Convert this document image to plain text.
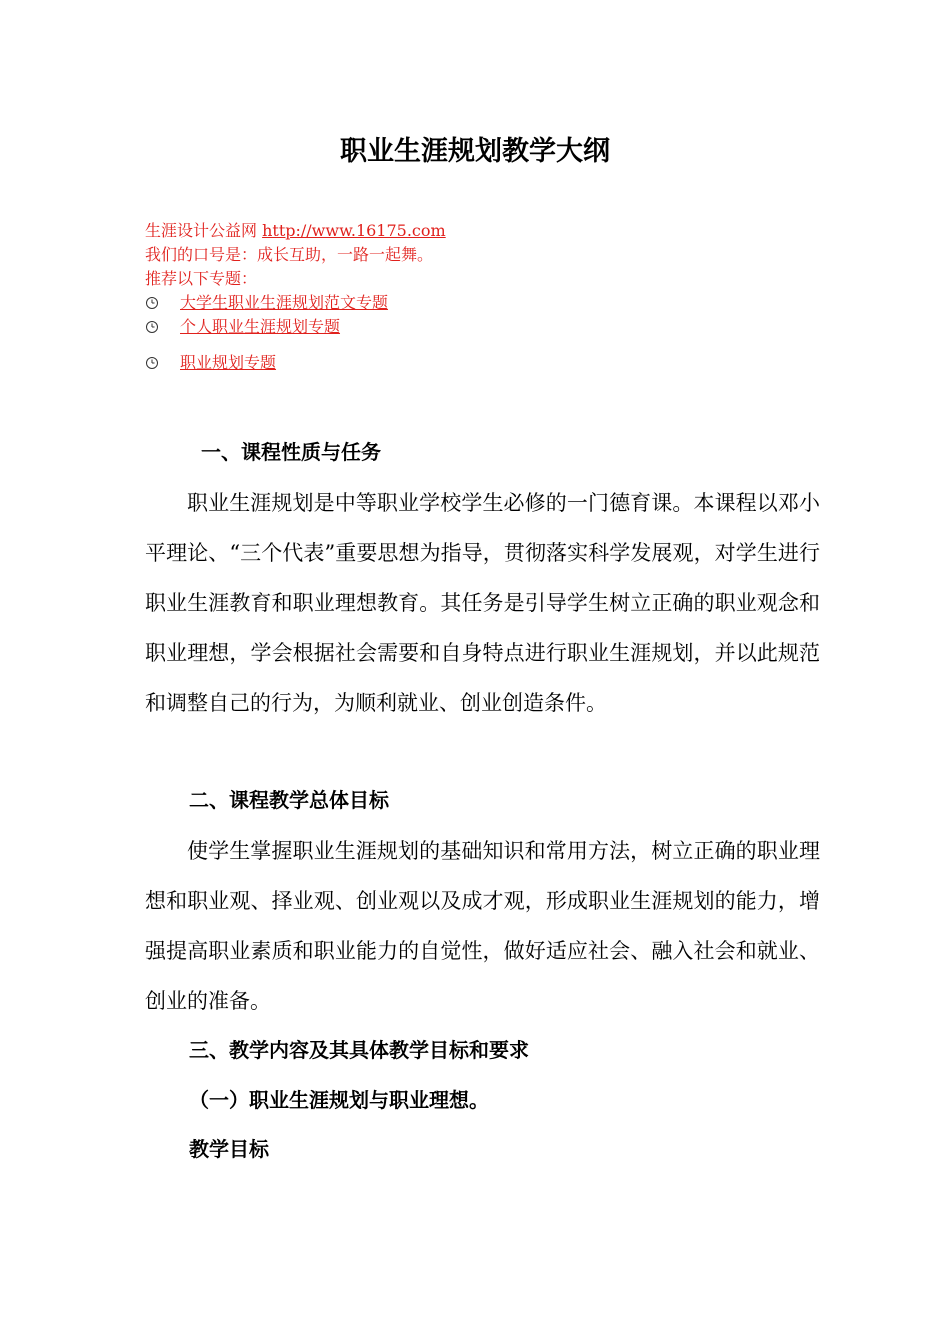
职业生涯规划教学大纲
生涯设计公益网 http://www.16175.com
我们的口号是：成长互助，一路一起舞。
推荐以下专题：
大学生职业生涯规划范文专题
个人职业生涯规划专题
职业规划专题
一、课程性质与任务

职业生涯规划是中等职业学校学生必修的一门德育课。本课程以邓小平理论、“三个代表”重要思想为指导，贯彻落实科学发展观，对学生进行职业生涯教育和职业理想教育。其任务是引导学生树立正确的职业观念和职业理想，学会根据社会需要和自身特点进行职业生涯规划，并以此规范和调整自己的行为，为顺利就业、创业创造条件。

二、课程教学总体目标

使学生掌握职业生涯规划的基础知识和常用方法，树立正确的职业理想和职业观、择业观、创业观以及成才观，形成职业生涯规划的能力，增强提高职业素质和职业能力的自觉性，做好适应社会、融入社会和就业、创业的准备。

三、教学内容及其具体教学目标和要求
（一）职业生涯规划与职业理想。
教学目标
